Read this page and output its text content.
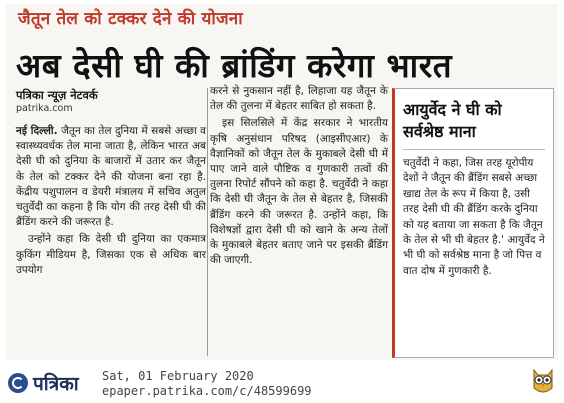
जैतून तेल को टक्कर देने की योजना
अब देसी घी की ब्रांडिंग करेगा भारत
पत्रिका न्यूज़ नेटवर्क
patrika.com

नई दिल्ली. जैतून का तेल दुनिया में सबसे अच्छा व स्वास्थ्यवर्धक तेल माना जाता है, लेकिन भारत अब देसी घी को दुनिया के बाजारों में उतार कर जैतून के तेल को टक्कर देने की योजना बना रहा है. केंद्रीय पशुपालन व डेयरी मंत्रालय में सचिव अतुल चतुर्वेदी का कहना है कि योग की तरह देसी घी की ब्रैंडिंग करने की जरूरत है.

उन्होंने कहा कि देसी घी दुनिया का एकमात्र कुकिंग मीडियम है, जिसका एक से अधिक बार उपयोग

करने से नुकसान नहीं है, लिहाजा यह जैतून के तेल की तुलना में बेहतर साबित हो सकता है.

इस सिलसिले में केंद्र सरकार ने भारतीय कृषि अनुसंधान परिषद (आइसीएआर) के वैज्ञानिकों को जैतून तेल के मुकाबले देसी घी में पाए जाने वाले पौष्टिक व गुणकारी तत्वों की तुलना रिपोर्ट सौंपने को कहा है. चतुर्वेदी ने कहा कि देसी घी जैतून के तेल से बेहतर है, जिसकी ब्रैंडिंग करने की जरूरत है. उन्होंने कहा, कि विशेषज्ञों द्वारा देसी घी को खाने के अन्य तेलों के मुकाबले बेहतर बताए जाने पर इसकी ब्रैंडिंग की जाएगी.

आयुर्वेद ने घी को सर्वश्रेष्ठ माना
चतुर्वेदी ने कहा, जिस तरह यूरोपीय देशों ने जैतून की ब्रैंडिंग सबसे अच्छा खाद्य तेल के रूप में किया है, उसी तरह देसी घी की ब्रैंडिंग करके दुनिया को यह बताया जा सकता है कि जैतून के तेल से भी घी बेहतर है.' आयुर्वेद ने भी घी को सर्वश्रेष्ठ माना है जो पित्त व वात दोष में गुणकारी है.
पत्रिका Sat, 01 February 2020
epaper.patrika.com/c/48599699
